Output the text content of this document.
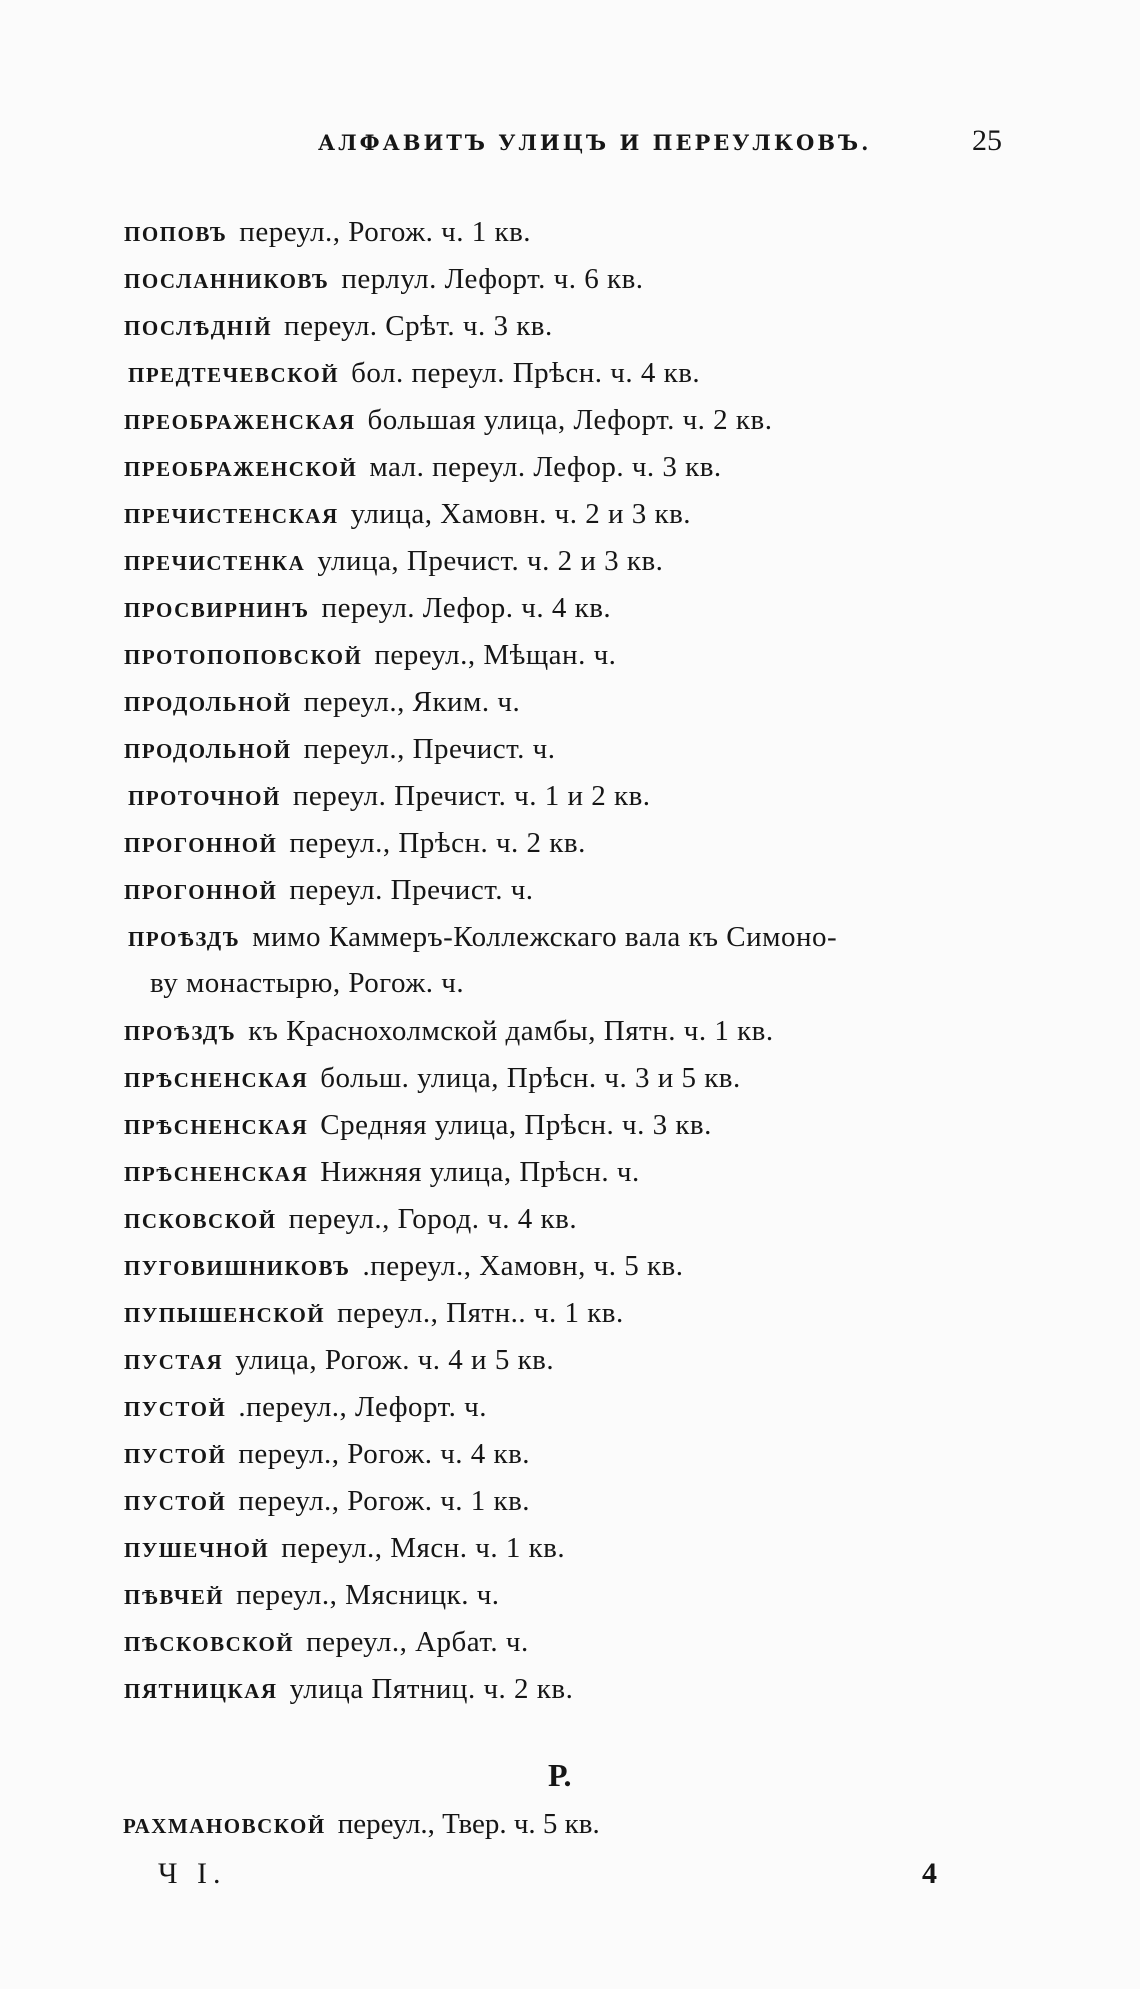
АЛФАВИТЪ УЛИЦЪ И ПЕРЕУЛКОВЪ.	25
поповъ переул., Рогож. ч. 1 кв.
посланниковъ перлул. Лефорт. ч. 6 кв.
послѣдній переул. Срѣт. ч. 3 кв.
предтечевской бол. переул. Прѣсн. ч. 4 кв.
преображенская большая улица, Лефорт. ч. 2 кв.
преображенской мал. переул. Лефор. ч. 3 кв.
пречистенская улица, Хамовн. ч. 2 и 3 кв.
пречистенка улица, Пречист. ч. 2 и 3 кв.
просвирнинъ переул. Лефор. ч. 4 кв.
протопоповской переул., Мѣщан. ч.
продольной переул., Яким. ч.
продольной переул., Пречист. ч.
проточной переул. Пречист. ч. 1 и 2 кв.
прогонной переул., Прѣсн. ч. 2 кв.
прогонной переул. Пречист. ч.
проѣздъ мимо Каммеръ-Коллежскаго вала къ Симоно-
ву монастырю, Рогож. ч.
проѣздъ къ Краснохолмской дамбы, Пятн. ч. 1 кв.
прѣсненская больш. улица, Прѣсн. ч. 3 и 5 кв.
прѣсненская Средняя улица, Прѣсн. ч. 3 кв.
прѣсненская Нижняя улица, Прѣсн. ч.
псковской переул., Город. ч. 4 кв.
пуговишниковъ .переул., Хамовн, ч. 5 кв.
пупышенской переул., Пятн.. ч. 1 кв.
пустая улица, Рогож. ч. 4 и 5 кв.
пустой .переул., Лефорт. ч.
пустой переул., Рогож. ч. 4 кв.
пустой переул., Рогож. ч. 1 кв.
пушечной переул., Мясн. ч. 1 кв.
пѣвчей переул., Мясницк. ч.
пѣсковской переул., Арбат. ч.
пятницкая улица Пятниц. ч. 2 кв.
Р.
рахмановской переул., Твер. ч. 5 кв.
Ч I.	4
